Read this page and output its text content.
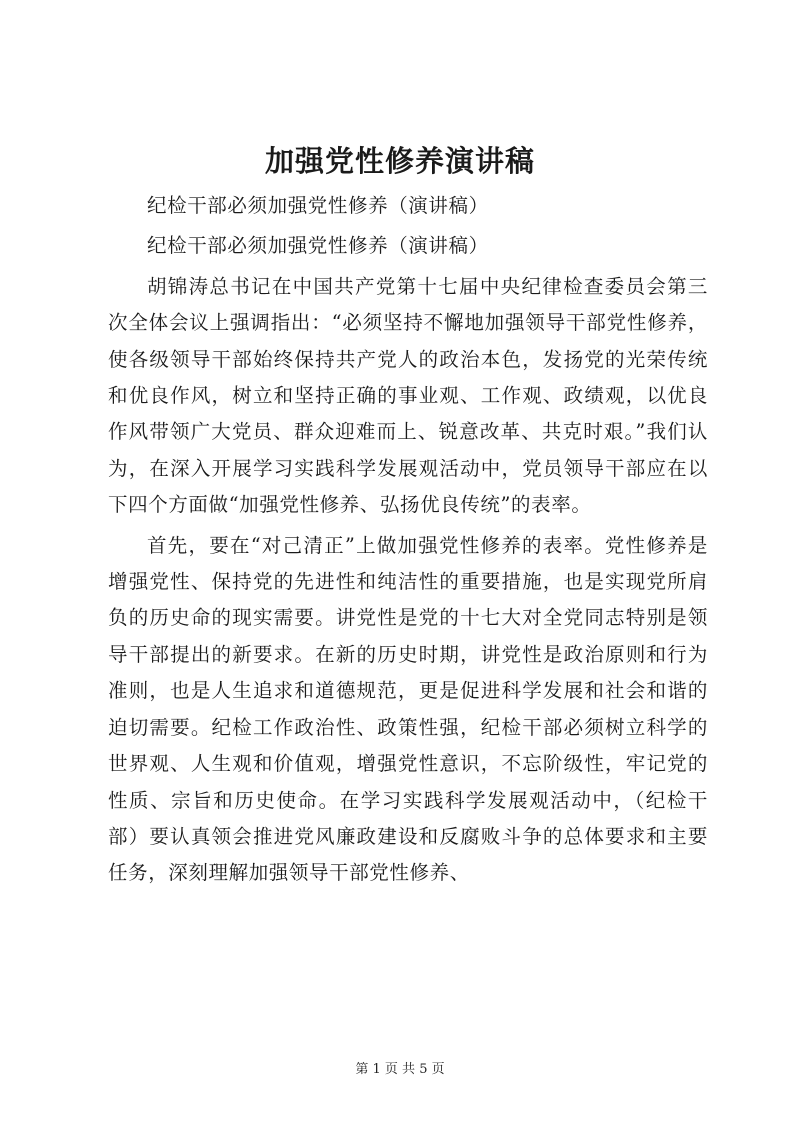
加强党性修养演讲稿

纪检干部必须加强党性修养（演讲稿）

纪检干部必须加强党性修养（演讲稿）

胡锦涛总书记在中国共产党第十七届中央纪律检查委员会第三次全体会议上强调指出：“必须坚持不懈地加强领导干部党性修养，使各级领导干部始终保持共产党人的政治本色，发扬党的光荣传统和优良作风，树立和坚持正确的事业观、工作观、政绩观，以优良作风带领广大党员、群众迎难而上、锐意改革、共克时艰。”我们认为，在深入开展学习实践科学发展观活动中，党员领导干部应在以下四个方面做“加强党性修养、弘扬优良传统”的表率。

首先，要在“对己清正”上做加强党性修养的表率。党性修养是增强党性、保持党的先进性和纯洁性的重要措施，也是实现党所肩负的历史命的现实需要。讲党性是党的十七大对全党同志特别是领导干部提出的新要求。在新的历史时期，讲党性是政治原则和行为准则，也是人生追求和道德规范，更是促进科学发展和社会和谐的迫切需要。纪检工作政治性、政策性强，纪检干部必须树立科学的世界观、人生观和价值观，增强党性意识，不忘阶级性，牢记党的性质、宗旨和历史使命。在学习实践科学发展观活动中，（纪检干部）要认真领会推进党风廉政建设和反腐败斗争的总体要求和主要任务，深刻理解加强领导干部党性修养、

第 1 页 共 5 页
